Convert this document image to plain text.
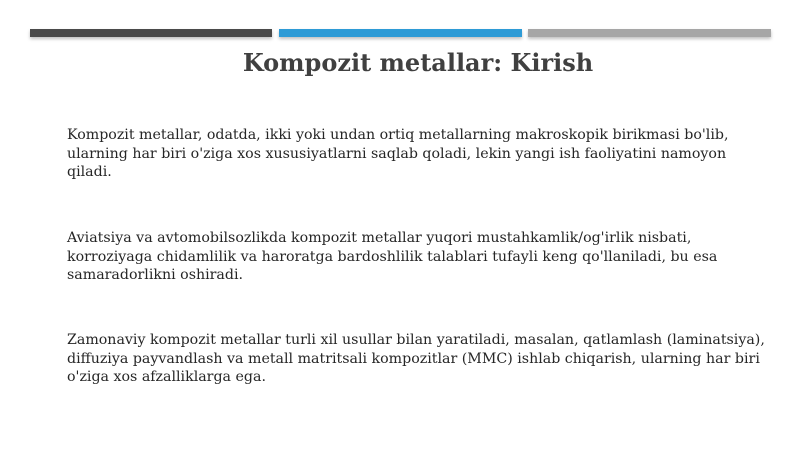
Kompozit metallar: Kirish

Kompozit metallar, odatda, ikki yoki undan ortiq metallarning makroskopik birikmasi bo'lib, ularning har biri o'ziga xos xususiyatlarni saqlab qoladi, lekin yangi ish faoliyatini namoyon qiladi.

Aviatsiya va avtomobilsozlikda kompozit metallar yuqori mustahkamlik/og'irlik nisbati, korroziyaga chidamlilik va haroratga bardoshlilik talablari tufayli keng qo'llaniladi, bu esa samaradorlikni oshiradi.

Zamonaviy kompozit metallar turli xil usullar bilan yaratiladi, masalan, qatlamlash (laminatsiya), diffuziya payvandlash va metall matritsali kompozitlar (MMC) ishlab chiqarish, ularning har biri o'ziga xos afzalliklarga ega.
